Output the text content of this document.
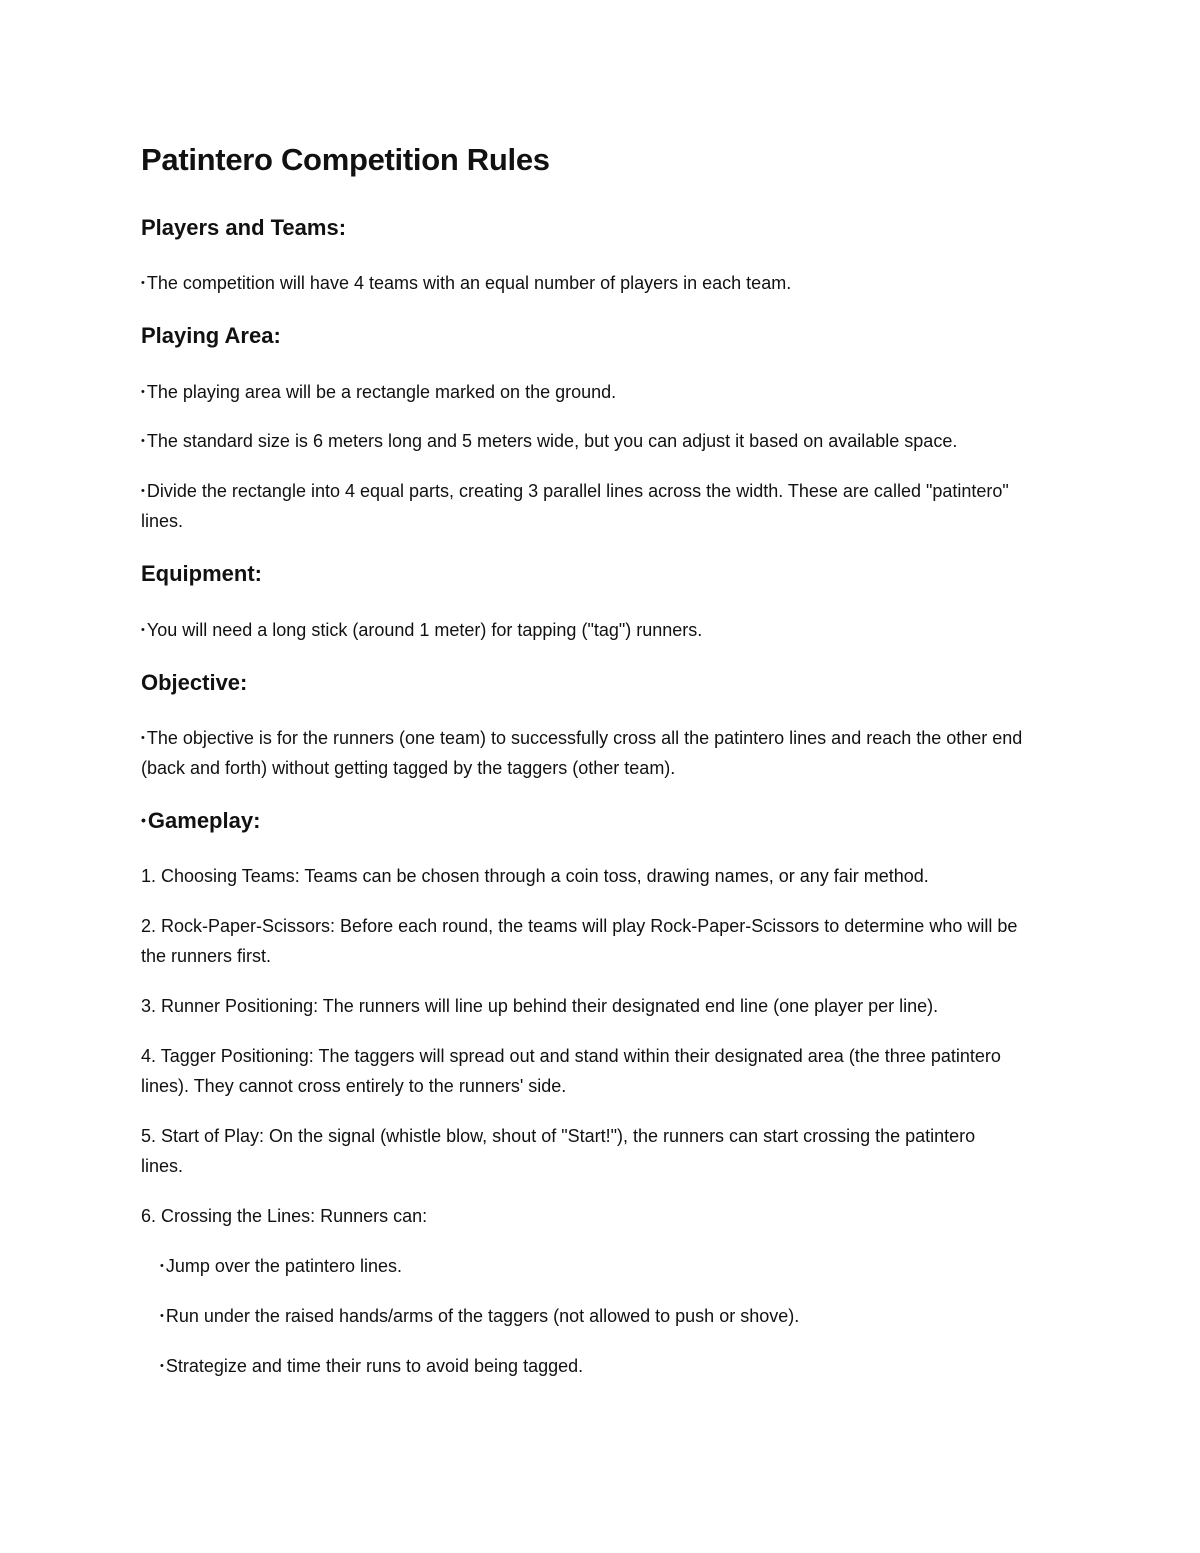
Patintero Competition Rules
Players and Teams:

• The competition will have 4 teams with an equal number of players in each team.

Playing Area:

• The playing area will be a rectangle marked on the ground.

• The standard size is 6 meters long and 5 meters wide, but you can adjust it based on available space.

• Divide the rectangle into 4 equal parts, creating 3 parallel lines across the width. These are called "patintero" lines.

Equipment:

• You will need a long stick (around 1 meter) for tapping ("tag") runners.

Objective:

• The objective is for the runners (one team) to successfully cross all the patintero lines and reach the other end (back and forth) without getting tagged by the taggers (other team).

•Gameplay:

1. Choosing Teams: Teams can be chosen through a coin toss, drawing names, or any fair method.

2. Rock-Paper-Scissors: Before each round, the teams will play Rock-Paper-Scissors to determine who will be the runners first.

3. Runner Positioning: The runners will line up behind their designated end line (one player per line).

4. Tagger Positioning: The taggers will spread out and stand within their designated area (the three patintero lines). They cannot cross entirely to the runners' side.

5. Start of Play: On the signal (whistle blow, shout of "Start!"), the runners can start crossing the patintero lines.

6. Crossing the Lines: Runners can:

• Jump over the patintero lines.

• Run under the raised hands/arms of the taggers (not allowed to push or shove).

• Strategize and time their runs to avoid being tagged.
